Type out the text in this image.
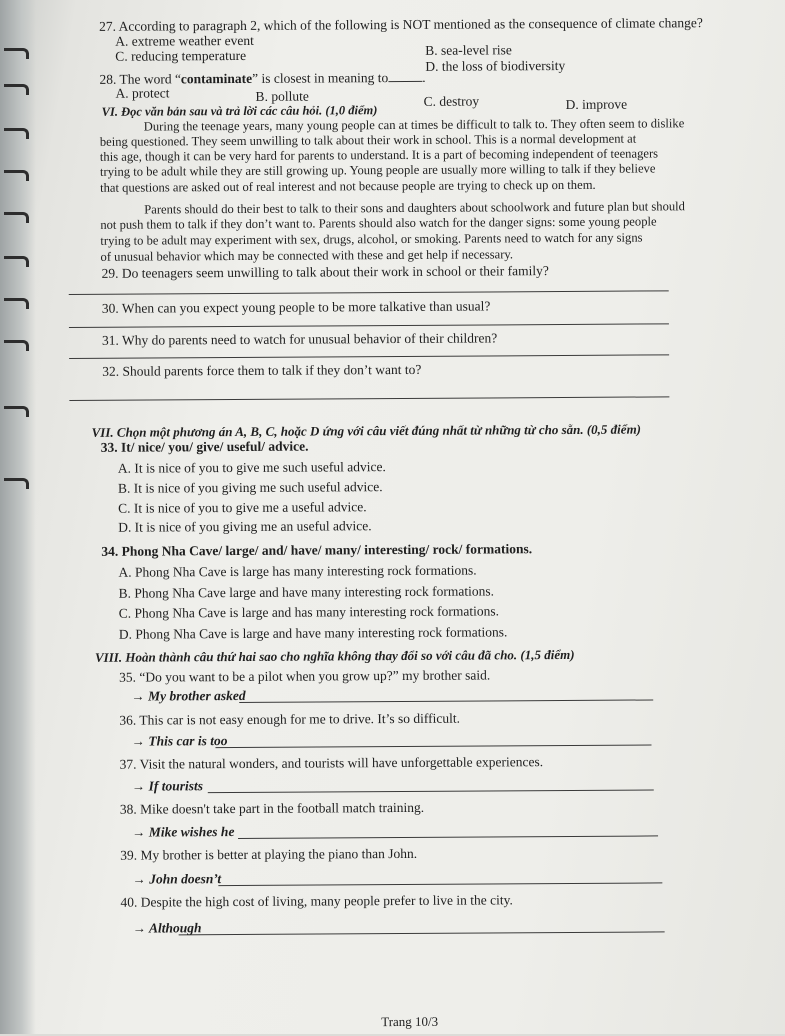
27. According to paragraph 2, which of the following is NOT mentioned as the consequence of climate change?
A. extreme weather event
B. sea-level rise
C. reducing temperature
D. the loss of biodiversity
28. The word “contaminate” is closest in meaning to	.
A. protect	B. pollute	C. destroy	D. improve
VI. Đọc văn bản sau và trả lời các câu hỏi. (1,0 điểm)
During the teenage years, many young people can at times be difficult to talk to. They often seem to dislike
being questioned. They seem unwilling to talk about their work in school. This is a normal development at
this age, though it can be very hard for parents to understand. It is a part of becoming independent of teenagers
trying to be adult while they are still growing up. Young people are usually more willing to talk if they believe
that questions are asked out of real interest and not because people are trying to check up on them.
Parents should do their best to talk to their sons and daughters about schoolwork and future plan but should
not push them to talk if they don’t want to. Parents should also watch for the danger signs: some young people
trying to be adult may experiment with sex, drugs, alcohol, or smoking. Parents need to watch for any signs
of unusual behavior which may be connected with these and get help if necessary.
29. Do teenagers seem unwilling to talk about their work in school or their family?
30. When can you expect young people to be more talkative than usual?
31. Why do parents need to watch for unusual behavior of their children?
32. Should parents force them to talk if they don’t want to?
VII. Chọn một phương án A, B, C, hoặc D ứng với câu viết đúng nhất từ những từ cho sẵn. (0,5 điểm)
33. It/ nice/ you/ give/ useful/ advice.
A. It is nice of you to give me such useful advice.
B. It is nice of you giving me such useful advice.
C. It is nice of you to give me a useful advice.
D. It is nice of you giving me an useful advice.
34. Phong Nha Cave/ large/ and/ have/ many/ interesting/ rock/ formations.
A. Phong Nha Cave is large has many interesting rock formations.
B. Phong Nha Cave large and have many interesting rock formations.
C. Phong Nha Cave is large and has many interesting rock formations.
D. Phong Nha Cave is large and have many interesting rock formations.
VIII. Hoàn thành câu thứ hai sao cho nghĩa không thay đổi so với câu đã cho. (1,5 điểm)
35. “Do you want to be a pilot when you grow up?” my brother said.
→ My brother asked
36. This car is not easy enough for me to drive. It’s so difficult.
→ This car is too
37. Visit the natural wonders, and tourists will have unforgettable experiences.
→ If tourists
38. Mike doesn't take part in the football match training.
→ Mike wishes he
39. My brother is better at playing the piano than John.
→ John doesn’t
40. Despite the high cost of living, many people prefer to live in the city.
→ Although
Trang 10/3
